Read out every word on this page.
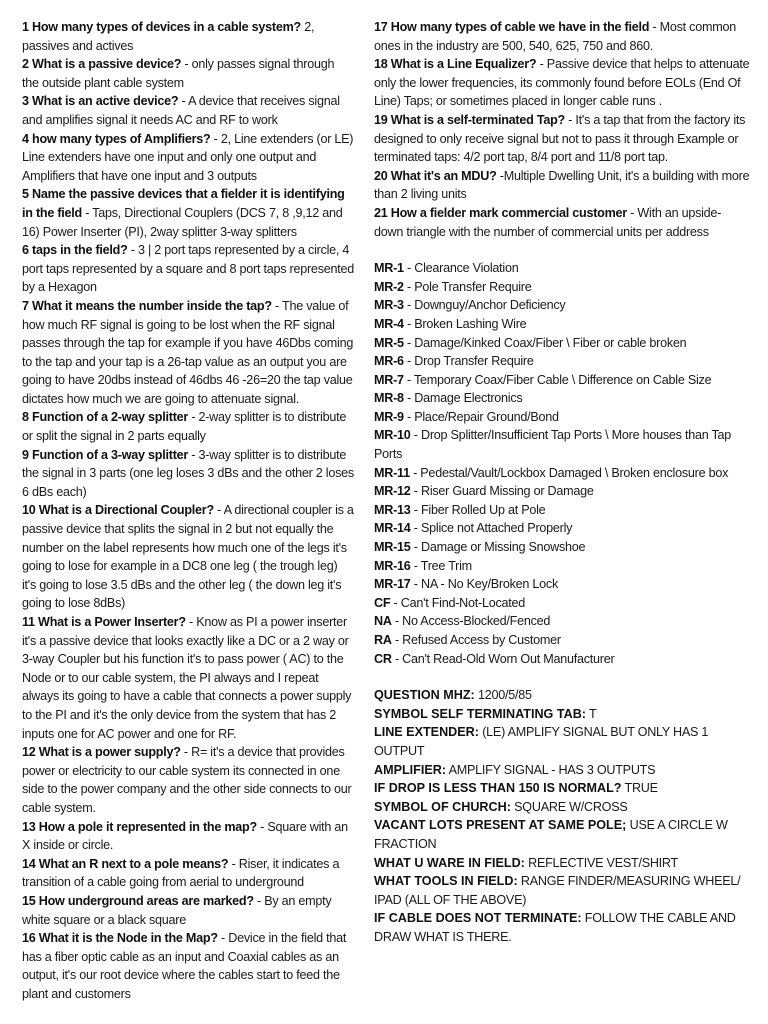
1 How many types of devices in a cable system? 2, passives and actives

2 What is a passive device? - only passes signal through the outside plant cable system

3 What is an active device? - A device that receives signal and amplifies signal it needs AC and RF to work

4 how many types of Amplifiers? - 2, Line extenders (or LE) Line extenders have one input and only one output and Amplifiers that have one input and 3 outputs

5 Name the passive devices that a fielder it is identifying in the field - Taps, Directional Couplers (DCS 7, 8 ,9,12 and 16) Power Inserter (PI), 2way splitter 3-way splitters

6 taps in the field? - 3 | 2 port taps represented by a circle, 4 port taps represented by a square and 8 port taps represented by a Hexagon

7 What it means the number inside the tap? - The value of how much RF signal is going to be lost when the RF signal passes through the tap for example if you have 46Dbs coming to the tap and your tap is a 26-tap value as an output you are going to have 20dbs instead of 46dbs 46 -26=20 the tap value dictates how much we are going to attenuate signal.

8 Function of a 2-way splitter - 2-way splitter is to distribute or split the signal in 2 parts equally

9 Function of a 3-way splitter - 3-way splitter is to distribute the signal in 3 parts (one leg loses 3 dBs and the other 2 loses 6 dBs each)

10 What is a Directional Coupler? - A directional coupler is a passive device that splits the signal in 2 but not equally the number on the label represents how much one of the legs it's going to lose for example in a DC8 one leg ( the trough leg) it's going to lose 3.5 dBs and the other leg ( the down leg it's going to lose 8dBs)

11 What is a Power Inserter? - Know as PI a power inserter it's a passive device that looks exactly like a DC or a 2 way or 3-way Coupler but his function it's to pass power ( AC) to the Node or to our cable system, the PI always and I repeat always its going to have a cable that connects a power supply to the PI and it's the only device from the system that has 2 inputs one for AC power and one for RF.

12 What is a power supply? - R= it's a device that provides power or electricity to our cable system its connected in one side to the power company and the other side connects to our cable system.

13 How a pole it represented in the map? - Square with an X inside or circle.

14 What an R next to a pole means? - Riser, it indicates a transition of a cable going from aerial to underground

15 How underground areas are marked? - By an empty white square or a black square

16 What it is the Node in the Map? - Device in the field that has a fiber optic cable as an input and Coaxial cables as an output, it's our root device where the cables start to feed the plant and customers

17 How many types of cable we have in the field - Most common ones in the industry are 500, 540, 625, 750 and 860.

18 What is a Line Equalizer? - Passive device that helps to attenuate only the lower frequencies, its commonly found before EOLs (End Of Line) Taps; or sometimes placed in longer cable runs .

19 What is a self-terminated Tap? - It's a tap that from the factory its designed to only receive signal but not to pass it through Example or terminated taps: 4/2 port tap, 8/4 port and 11/8 port tap.

20 What it's an MDU? -Multiple Dwelling Unit, it's a building with more than 2 living units

21 How a fielder mark commercial customer - With an upside-down triangle with the number of commercial units per address

MR-1 - Clearance Violation

MR-2 - Pole Transfer Require

MR-3 - Downguy/Anchor Deficiency

MR-4 - Broken Lashing Wire

MR-5 - Damage/Kinked Coax/Fiber \ Fiber or cable broken

MR-6 - Drop Transfer Require

MR-7 - Temporary Coax/Fiber Cable \ Difference on Cable Size

MR-8 - Damage Electronics

MR-9 - Place/Repair Ground/Bond

MR-10 - Drop Splitter/Insufficient Tap Ports \ More houses than Tap Ports

MR-11 - Pedestal/Vault/Lockbox Damaged \ Broken enclosure box

MR-12 - Riser Guard Missing or Damage

MR-13 - Fiber Rolled Up at Pole

MR-14 - Splice not Attached Properly

MR-15 - Damage or Missing Snowshoe

MR-16 - Tree Trim

MR-17 - NA - No Key/Broken Lock

CF - Can't Find-Not-Located

NA - No Access-Blocked/Fenced

RA - Refused Access by Customer

CR - Can't Read-Old Worn Out Manufacturer

QUESTION MHZ: 1200/5/85

SYMBOL SELF TERMINATING TAB: T

LINE EXTENDER: (LE) AMPLIFY SIGNAL BUT ONLY HAS 1 OUTPUT

AMPLIFIER: AMPLIFY SIGNAL - HAS 3 OUTPUTS

IF DROP IS LESS THAN 150 IS NORMAL? TRUE

SYMBOL OF CHURCH: SQUARE W/CROSS

VACANT LOTS PRESENT AT SAME POLE; USE A CIRCLE W FRACTION

WHAT U WARE IN FIELD: REFLECTIVE VEST/SHIRT

WHAT TOOLS IN FIELD: RANGE FINDER/MEASURING WHEEL/ IPAD (ALL OF THE ABOVE)

IF CABLE DOES NOT TERMINATE: FOLLOW THE CABLE AND DRAW WHAT IS THERE.
